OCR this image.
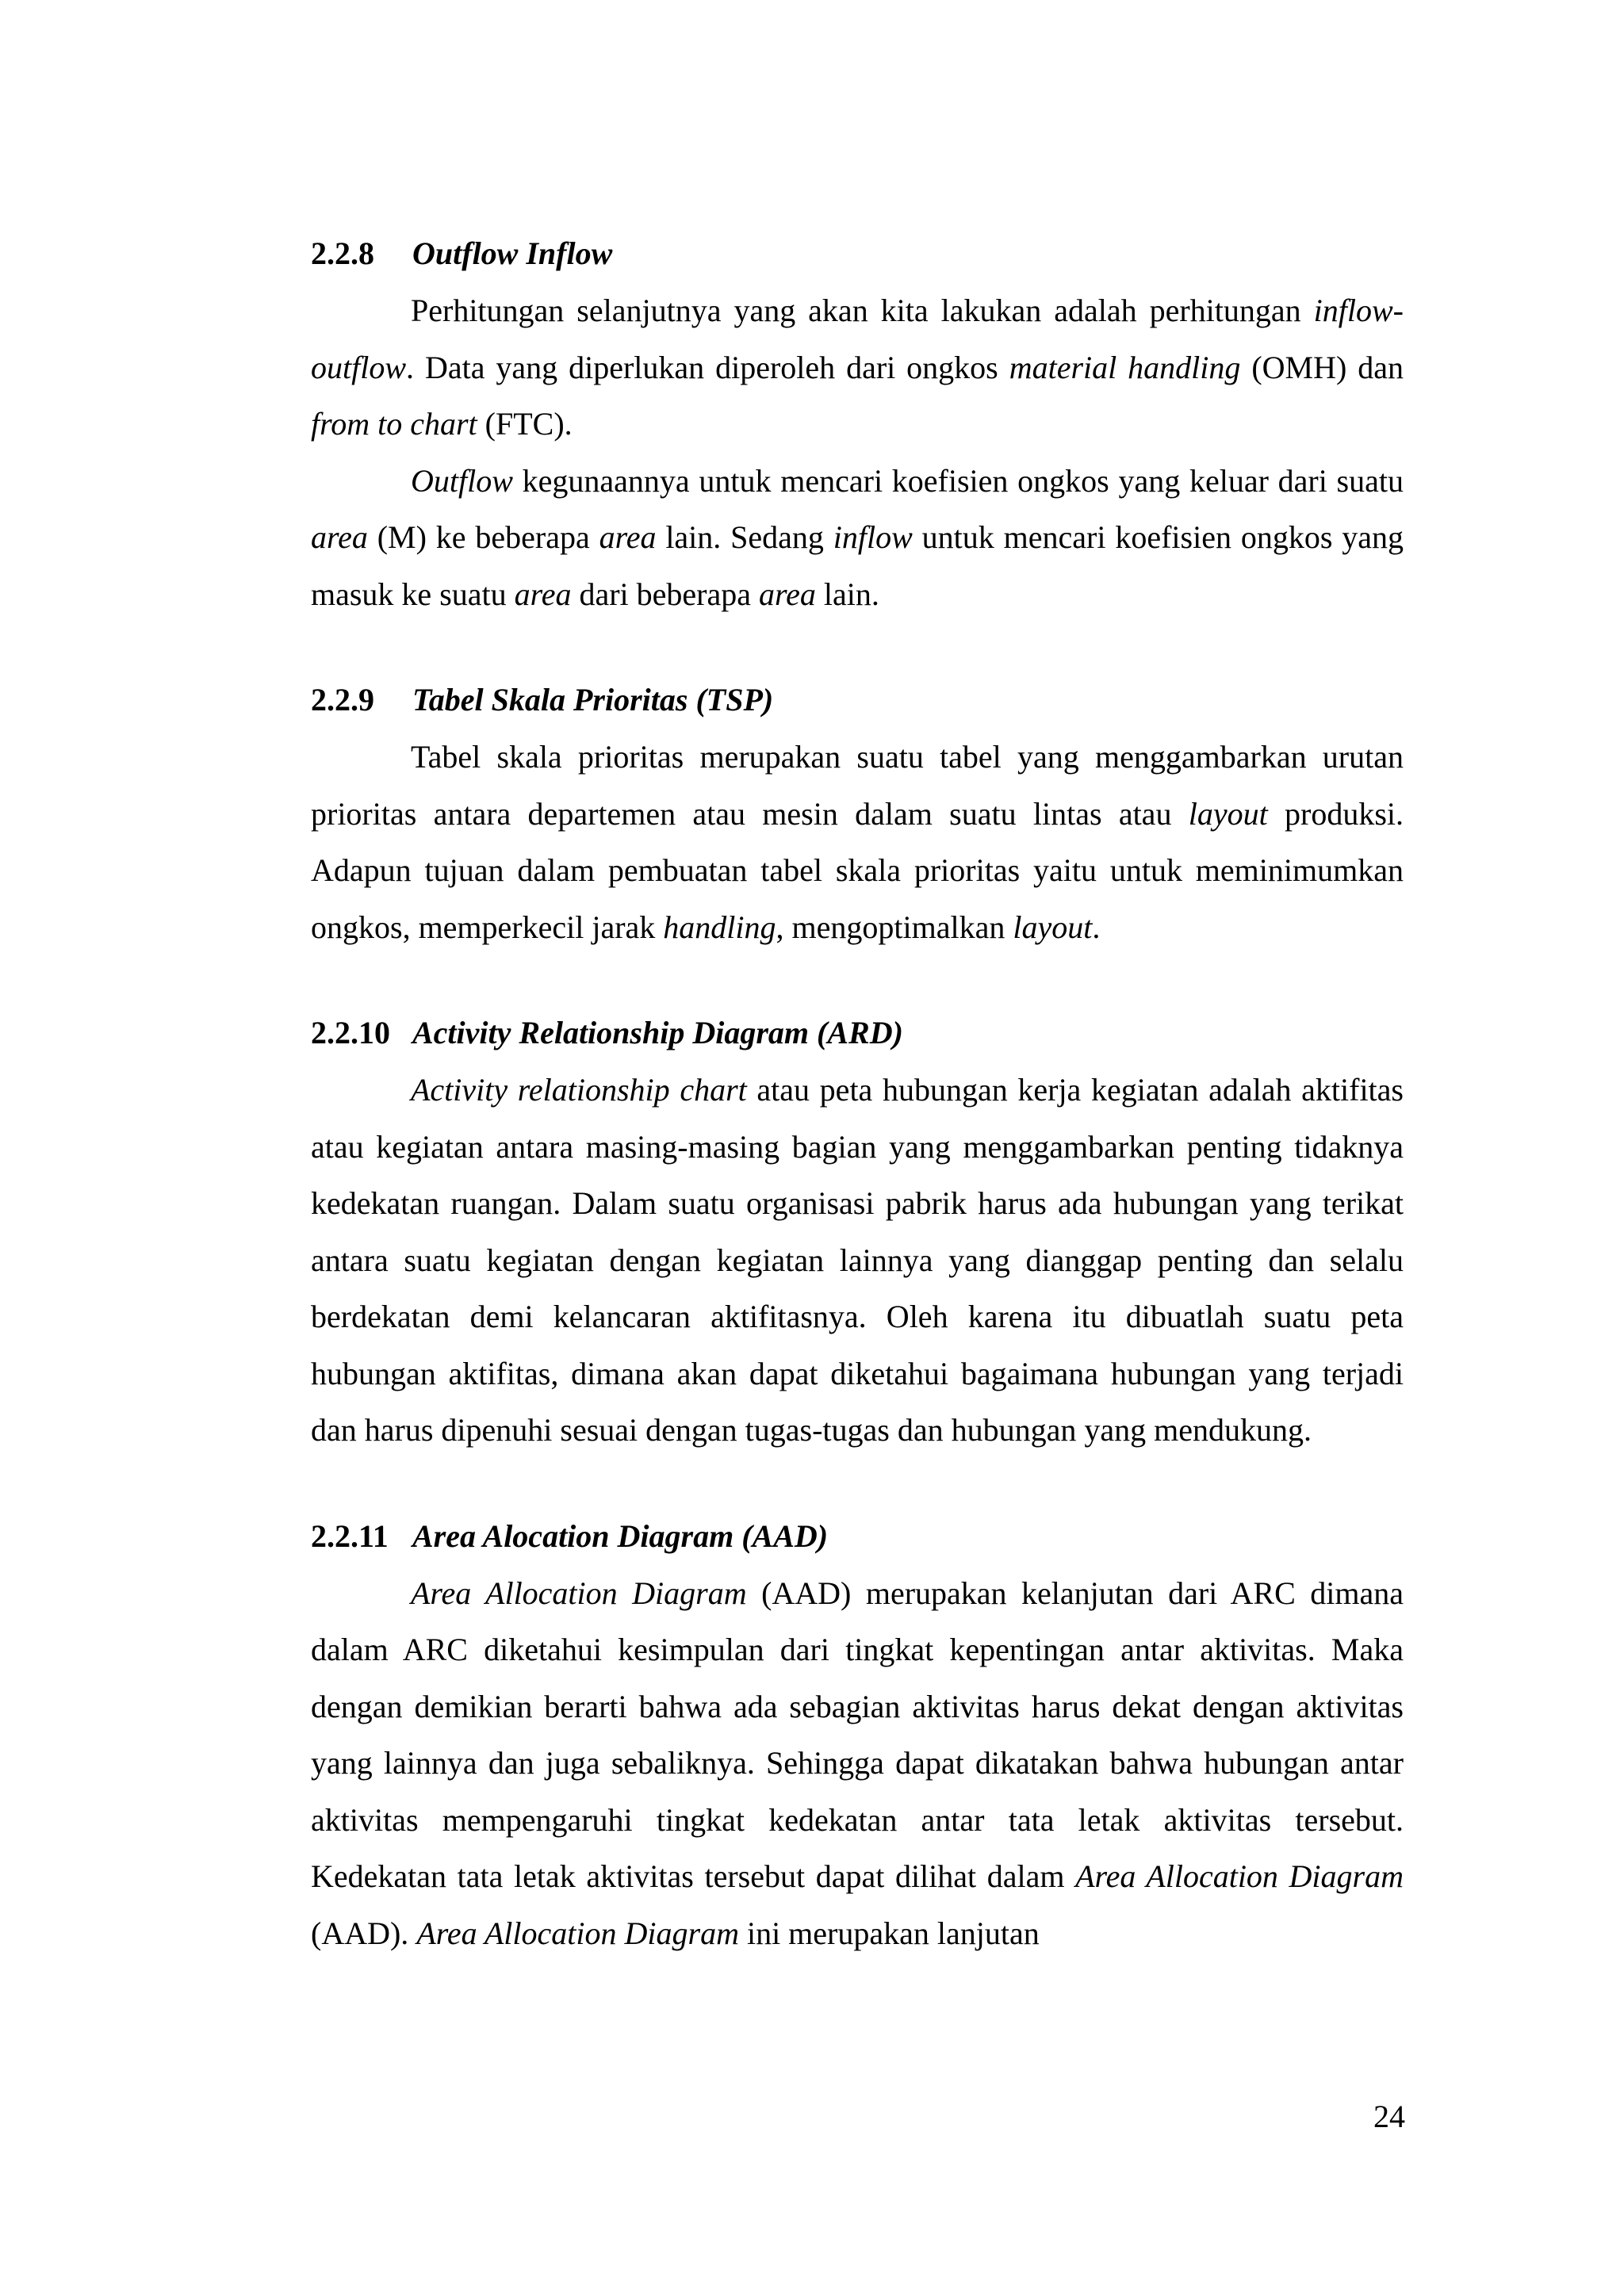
2.2.8 Outflow Inflow

Perhitungan selanjutnya yang akan kita lakukan adalah perhitungan inflow-outflow. Data yang diperlukan diperoleh dari ongkos material handling (OMH) dan from to chart (FTC).

Outflow kegunaannya untuk mencari koefisien ongkos yang keluar dari suatu area (M) ke beberapa area lain. Sedang inflow untuk mencari koefisien ongkos yang masuk ke suatu area dari beberapa area lain.

2.2.9 Tabel Skala Prioritas (TSP)

Tabel skala prioritas merupakan suatu tabel yang menggambarkan urutan prioritas antara departemen atau mesin dalam suatu lintas atau layout produksi. Adapun tujuan dalam pembuatan tabel skala prioritas yaitu untuk meminimumkan ongkos, memperkecil jarak handling, mengoptimalkan layout.

2.2.10 Activity Relationship Diagram (ARD)

Activity relationship chart atau peta hubungan kerja kegiatan adalah aktifitas atau kegiatan antara masing-masing bagian yang menggambarkan penting tidaknya kedekatan ruangan. Dalam suatu organisasi pabrik harus ada hubungan yang terikat antara suatu kegiatan dengan kegiatan lainnya yang dianggap penting dan selalu berdekatan demi kelancaran aktifitasnya. Oleh karena itu dibuatlah suatu peta hubungan aktifitas, dimana akan dapat diketahui bagaimana hubungan yang terjadi dan harus dipenuhi sesuai dengan tugas-tugas dan hubungan yang mendukung.

2.2.11 Area Alocation Diagram (AAD)

Area Allocation Diagram (AAD) merupakan kelanjutan dari ARC dimana dalam ARC diketahui kesimpulan dari tingkat kepentingan antar aktivitas. Maka dengan demikian berarti bahwa ada sebagian aktivitas harus dekat dengan aktivitas yang lainnya dan juga sebaliknya. Sehingga dapat dikatakan bahwa hubungan antar aktivitas mempengaruhi tingkat kedekatan antar tata letak aktivitas tersebut. Kedekatan tata letak aktivitas tersebut dapat dilihat dalam Area Allocation Diagram (AAD). Area Allocation Diagram ini merupakan lanjutan

24
